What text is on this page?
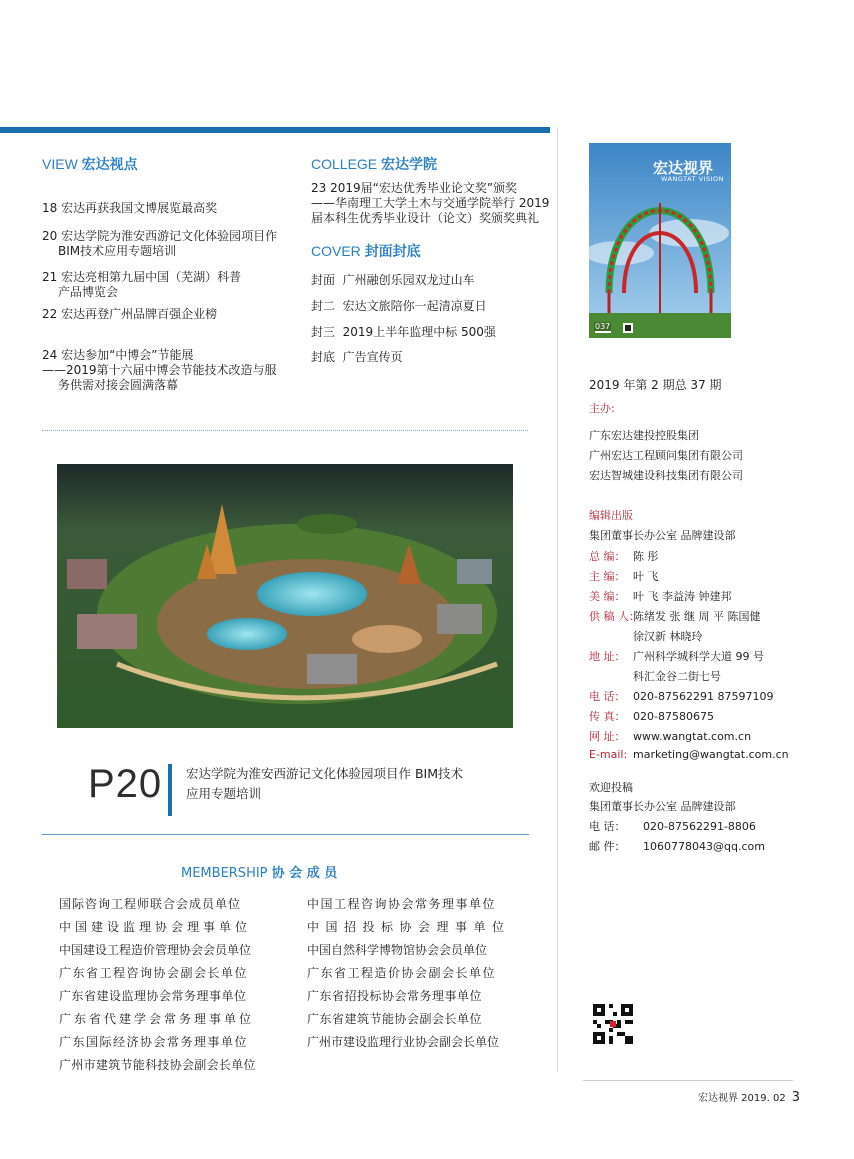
VIEW 宏达视点
18 宏达再获我国文博展览最高奖
20 宏达学院为淮安西游记文化体验园项目作
BIM技术应用专题培训
21 宏达亮相第九届中国（芜湖）科普
产品博览会
22 宏达再登广州品牌百强企业榜
24 宏达参加“中博会”节能展
——2019第十六届中博会节能技术改造与服
务供需对接会圆满落幕
COLLEGE 宏达学院
23 2019届“宏达优秀毕业论文奖”颁奖
——华南理工大学土木与交通学院举行 2019
届本科生优秀毕业设计（论文）奖颁奖典礼
COVER 封面封底
封面 广州融创乐园双龙过山车
封二 宏达文旅陪你一起清凉夏日
封三 2019上半年监理中标 500强
封底 广告宣传页
宏达视界
WANGTAT VISION
037
2019 年第 2 期总 37 期
主办:
广东宏达建投控股集团
广州宏达工程顾问集团有限公司
宏达智城建设科技集团有限公司
编辑出版
集团董事长办公室 品牌建设部
总 编： 陈 彤
主 编： 叶 飞
美 编： 叶 飞 李益涛 钟建邦
供 稿 人：陈绪发 张 继 周 平 陈国健
徐汉新 林晓玲
地 址： 广州科学城科学大道 99 号
科汇金谷二街七号
电 话： 020-87562291 87597109
传 真： 020-87580675
网 址： www.wangtat.com.cn
E-mail: marketing@wangtat.com.cn
欢迎投稿
集团董事长办公室 品牌建设部
电 话： 020-87562291-8806
邮 件： 1060778043@qq.com
P20 宏达学院为淮安西游记文化体验园项目作 BIM技术
应用专题培训
MEMBERSHIP 协 会 成 员
国际咨询工程师联合会成员单位
中国建设监理协会理事单位
中国建设工程造价管理协会会员单位
广东省工程咨询协会副会长单位
广东省建设监理协会常务理事单位
广东省代建学会常务理事单位
广东国际经济协会常务理事单位
广州市建筑节能科技协会副会长单位
中国工程咨询协会常务理事单位
中国招投标协会理事单位
中国自然科学博物馆协会会员单位
广东省工程造价协会副会长单位
广东省招投标协会常务理事单位
广东省建筑节能协会副会长单位
广州市建设监理行业协会副会长单位
宏达视界 2019. 02 3
